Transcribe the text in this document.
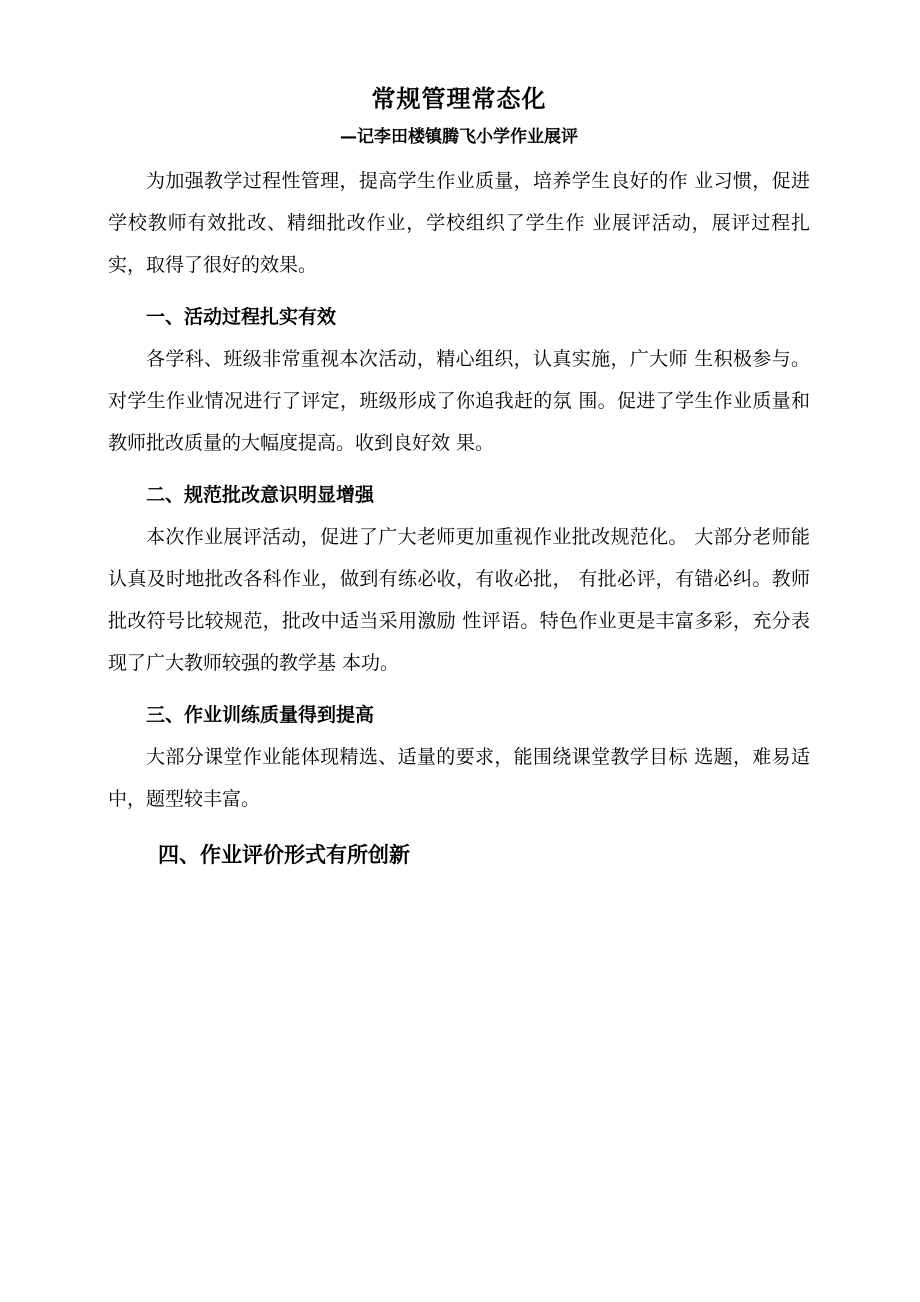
常规管理常态化
—记李田楼镇腾飞小学作业展评

为加强教学过程性管理，提高学生作业质量，培养学生良好的作 业习惯，促进学校教师有效批改、精细批改作业，学校组织了学生作 业展评活动，展评过程扎实，取得了很好的效果。

一、活动过程扎实有效

各学科、班级非常重视本次活动，精心组织，认真实施，广大师 生积极参与。对学生作业情况进行了评定，班级形成了你追我赶的氛 围。促进了学生作业质量和教师批改质量的大幅度提高。收到良好效 果。

二、规范批改意识明显增强

本次作业展评活动，促进了广大老师更加重视作业批改规范化。 大部分老师能认真及时地批改各科作业，做到有练必收，有收必批， 有批必评，有错必纠。教师批改符号比较规范，批改中适当采用激励 性评语。特色作业更是丰富多彩，充分表现了广大教师较强的教学基 本功。

三、作业训练质量得到提高

大部分课堂作业能体现精选、适量的要求，能围绕课堂教学目标 选题，难易适中，题型较丰富。

四、作业评价形式有所创新
